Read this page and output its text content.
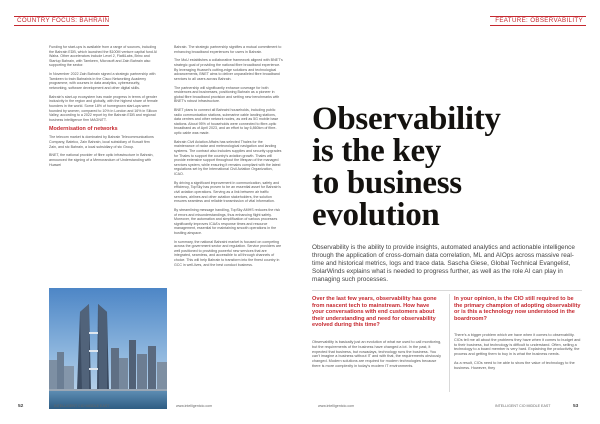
COUNTRY FOCUS: BAHRAIN	FEATURE: OBSERVABILITY

Funding for start-ups is available from a range of sources, including the Bahrain EDB, which launched the $100M venture capital fund Al Waha. Other accelerators include Level 2, Flat6Labs, Brinc and Startup Bahrain, with Tamkeen, Microsoft and Zain Bahrain also supporting the sector.

In November 2022 Zain Bahrain signed a strategic partnership with Tamkeen to train Bahrainis in the Cisco Networking Academy programme, with courses in data analytics, cybersecurity, networking, software development and other digital skills.

Bahrain's start-up ecosystem has made progress in terms of gender inclusivity in the region and globally, with the highest share of female founders in the world. Some 18% of homegrown start-ups were founded by women, compared to 10% in London and 16% in Silicon Valley, according to a 2022 report by the Bahrain EDB and regional business intelligence firm MAGNiTT.

Modernisation of networks

The telecom market is dominated by Bahrain Telecommunications Company, Batelco, Zain Bahrain, local subsidiary of Kuwait firm Zain, and stc Bahrain, a local subsidiary of stc Group.

BNET, the national provider of fibre optic infrastructure in Bahrain, announced the signing of a Memorandum of Understanding with Huawei

Bahrain. The strategic partnership signifies a mutual commitment to enhancing broadband experiences for users in Bahrain.

The MoU establishes a collaborative framework aligned with BNET's strategic goal of providing the national fibre broadband experience. By leveraging Huawei's cutting-edge solutions and technological advancements, BNET aims to deliver unparalleled fibre broadband services to all users across Bahrain.

The partnership will significantly enhance coverage for both residences and businesses, positioning Bahrain as a pioneer in global fibre broadband provision and setting new benchmarks with BNET's robust infrastructure.

BNET plans to connect all Bahraini households, including public radio communication stations, submarine cable landing stations, data centres and other network nodes, as well as 5G mobile base stations. About 95% of households were connected to fibre-optic broadband as of April 2023, and an effort to lay 6,860km of fibre-optic cable was made.

Bahrain Civil Aviation Affairs has selected Thales for the maintenance of radar and meteorological navigation and landing systems. The contract also includes supplies and security upgrades for Thales to support the country's aviation growth. Thales will provide extensive support throughout the lifespan of the managed services system, while ensuring it remains compliant with the latest regulations set by the International Civil Aviation Organization, ICAO.

By driving a significant improvement in communication, safety and efficiency, TopSky has proven to be an essential asset for Bahrain's civil aviation operations. Serving as a link between air traffic services, airlines and other aviation stakeholders, the solution ensures seamless and reliable transmission of vital information.

By streamlining message handling, TopSky AMHS reduces the risk of errors and misunderstandings, thus enhancing flight safety. Moreover, the automation and simplification of various processes significantly improves ICAA's response times and resource management, essential for maintaining smooth operations in the bustling airspace.

In summary, the national Bahraini market is focused on competing across the government sector and regulation. Service providers are well positioned to providing powerful new services that are integrated, seamless, and accessible to all through channels of choice. This will help Bahrain to transform into the finest country in GCC in well-lives, and the best conduct business.

52	INTELLIGENT CIO MIDDLE EAST	www.intelligentcio.com
Observability
is the key
to business
evolution
Observability is the ability to provide insights, automated analytics and actionable intelligence through the application of cross-domain data correlation, ML and AIOps across massive real-time and historical metrics, logs and trace data. Sascha Giese, Global Technical Evangelist, SolarWinds explains what is needed to progress further, as well as the role AI can play in managing such processes.
Over the last few years, observability has gone from nascent tech to mainstream. How have your conversations with end customers about their understanding and need for observability evolved during this time?

Observability is basically just an evolution of what we used to call monitoring, but the requirements of the business have changed a lot. In the past, it expected that business, but nowadays, technology runs the business. You can't imagine a business without IT and with that, the requirements obviously changed. Modern solutions are required for modern technologies because there is more complexity in today's modern IT environments.

In your opinion, is the CIO still required to be the primary champion of adopting observability or is this a technology now understood in the boardroom?

There's a bigger problem which we have when it comes to observability. CIOs tell me all about the problems they have when it comes to budget and to their business, but technology is difficult to understand. Often, selling a technology to a board member is very hard. Explaining the productivity, the process and getting them to buy in is what the business needs.

As a result, CIOs need to be able to show the value of technology to the business. However, they

www.intelligentcio.com	INTELLIGENT CIO MIDDLE EAST	53
